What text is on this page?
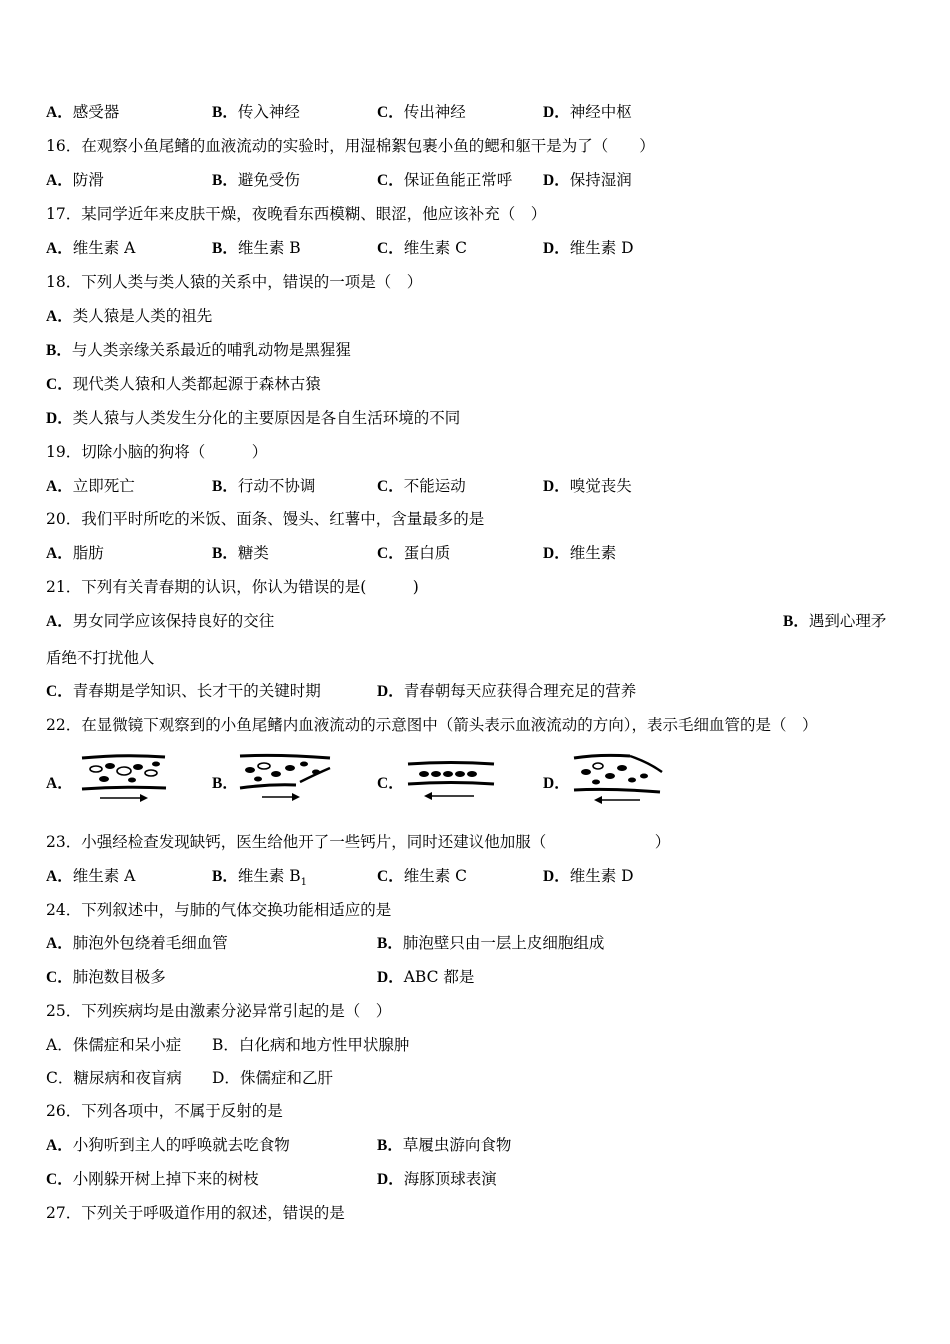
A．感受器	B．传入神经	C．传出神经	D．神经中枢
16．在观察小鱼尾鳍的血液流动的实验时，用湿棉絮包裹小鱼的鳃和躯干是为了（　　）
A．防滑	B．避免受伤	C．保证鱼能正常呼 D．保持湿润
17．某同学近年来皮肤干燥，夜晚看东西模糊、眼涩，他应该补充（　）
A．维生素 A	B．维生素 B	C．维生素 C	D．维生素 D
18．下列人类与类人猿的关系中，错误的一项是（　）
A．类人猿是人类的祖先
B．与人类亲缘关系最近的哺乳动物是黑猩猩
C．现代类人猿和人类都起源于森林古猿
D．类人猿与人类发生分化的主要原因是各自生活环境的不同
19．切除小脑的狗将（　　　）
A．立即死亡	B．行动不协调	C．不能运动	D．嗅觉丧失
20．我们平时所吃的米饭、面条、馒头、红薯中，含量最多的是
A．脂肪	B．糖类	C．蛋白质	D．维生素
21．下列有关青春期的认识，你认为错误的是(　　　)
A．男女同学应该保持良好的交往	B．遇到心理矛
盾绝不打扰他人
C．青春期是学知识、长才干的关键时期	D．青春朝每天应获得合理充足的营养
22．在显微镜下观察到的小鱼尾鳍内血液流动的示意图中（箭头表示血液流动的方向），表示毛细血管的是（　）
A．	B．	C．	D．
23．小强经检查发现缺钙，医生给他开了一些钙片，同时还建议他加服（　　　　　　　）
A．维生素 A	B．维生素 $B_1$	C．维生素 C	D．维生素 D
24．下列叙述中，与肺的气体交换功能相适应的是
A．肺泡外包绕着毛细血管	B．肺泡壁只由一层上皮细胞组成
C．肺泡数目极多	D．ABC 都是
25．下列疾病均是由激素分泌异常引起的是（　）
A．侏儒症和呆小症 B．白化病和地方性甲状腺肿
C．糖尿病和夜盲病 D．侏儒症和乙肝
26．下列各项中，不属于反射的是
A．小狗听到主人的呼唤就去吃食物	B．草履虫游向食物
C．小刚躲开树上掉下来的树枝	D．海豚顶球表演
27．下列关于呼吸道作用的叙述，错误的是
